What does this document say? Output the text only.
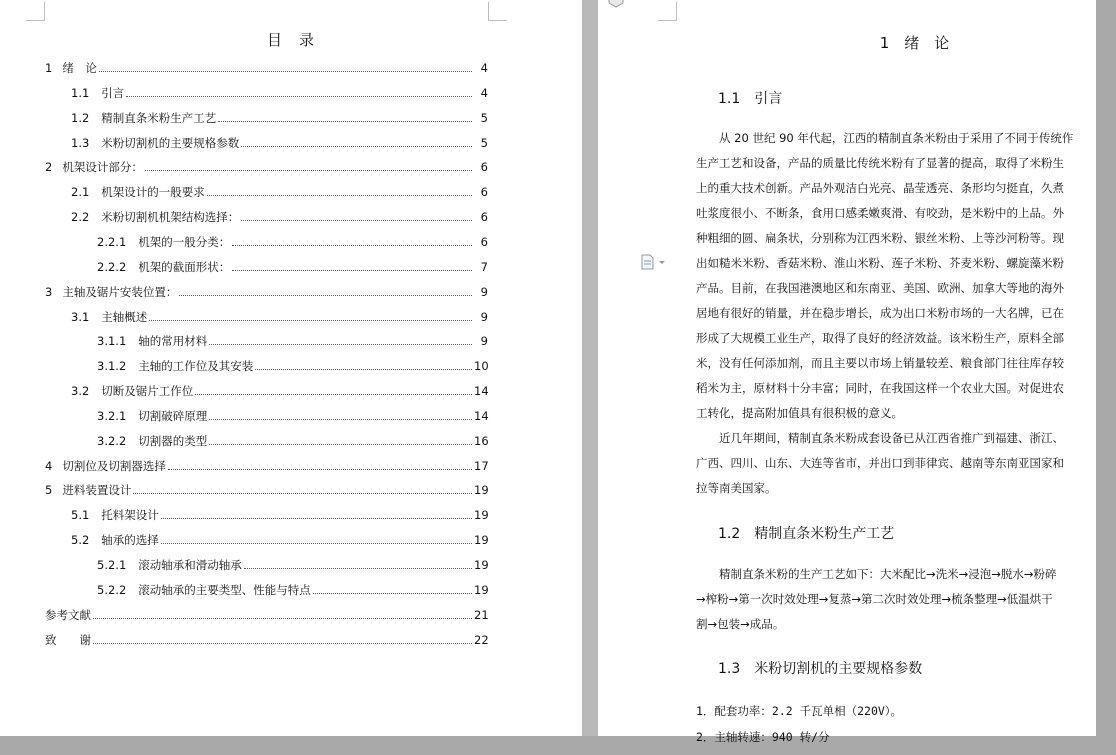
目　录
1 绪　论	4
1.1 引言	4
1.2 精制直条米粉生产工艺	5
1.3 米粉切割机的主要规格参数	5
2 机架设计部分：	6
2.1 机架设计的一般要求	6
2.2 米粉切割机机架结构选择：	6
2.2.1 机架的一般分类：	6
2.2.2 机架的截面形状：	7
3 主轴及锯片安装位置：	9
3.1 主轴概述	9
3.1.1 轴的常用材料	9
3.1.2 主轴的工作位及其安装	10
3.2 切断及锯片工作位	14
3.2.1 切割破碎原理	14
3.2.2 切割器的类型	16
4 切割位及切割器选择	17
5 进料装置设计	19
5.1 托料架设计	19
5.2 轴承的选择	19
5.2.1 滚动轴承和滑动轴承	19
5.2.2 滚动轴承的主要类型、性能与特点	19
参考文献	21
致　　谢	22
1　绪　论
1.1　引言
　　从 20 世纪 90 年代起，江西的精制直条米粉由于采用了不同于传统作
生产工艺和设备，产品的质量比传统米粉有了显著的提高，取得了米粉生
上的重大技术创新。产品外观洁白光亮、晶莹透亮、条形均匀挺直，久煮
吐浆度很小、不断条，食用口感柔嫩爽滑、有咬劲，是米粉中的上品。外
种粗细的圆、扁条状，分别称为江西米粉、银丝米粉、上等沙河粉等。现
出如糙米米粉、香菇米粉、淮山米粉、莲子米粉、芥麦米粉、螺旋藻米粉
产品。目前，在我国港澳地区和东南亚、美国、欧洲、加拿大等地的海外
居地有很好的销量，并在稳步增长，成为出口米粉市场的一大名牌，已在
形成了大规模工业生产，取得了良好的经济效益。该米粉生产，原料全部
米，没有任何添加剂，而且主要以市场上销量较差、粮食部门往往库存较
稻米为主，原材料十分丰富；同时，在我国这样一个农业大国。对促进农
工转化，提高附加值具有很积极的意义。
　　近几年期间，精制直条米粉成套设备已从江西省推广到福建、浙江、
广西、四川、山东、大连等省市，并出口到菲律宾、越南等东南亚国家和
拉等南美国家。
1.2　精制直条米粉生产工艺
　　精制直条米粉的生产工艺如下：大米配比→洗米→浸泡→脱水→粉碎
→榨粉→第一次时效处理→复蒸→第二次时效处理→梳条整理→低温烘干
割→包装→成品。
1.3　米粉切割机的主要规格参数
1．配套功率：2.2 千瓦单相（220V）。
2．主轴转速：940 转/分
